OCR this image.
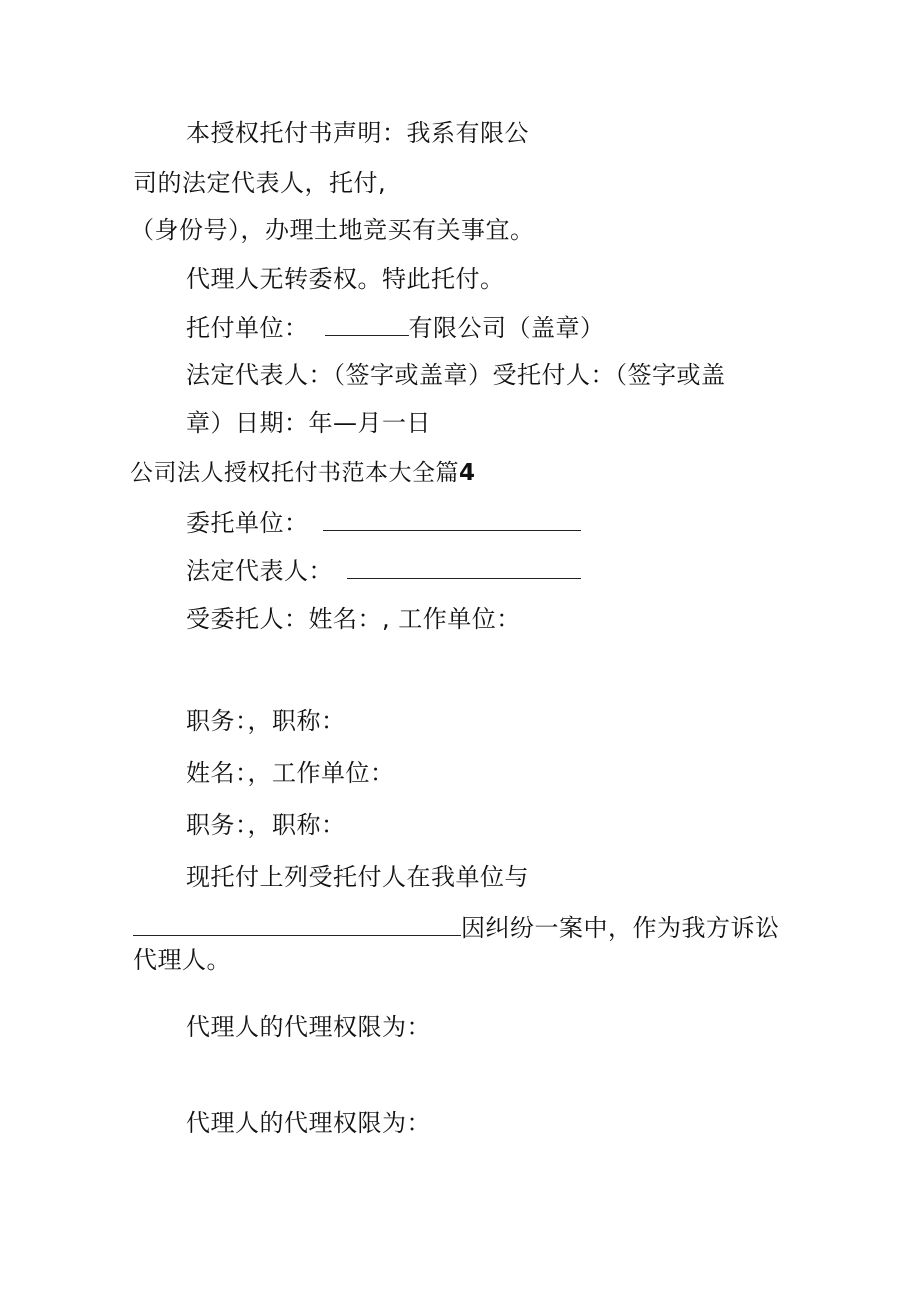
本授权托付书声明：我系有限公
司的法定代表人，托付,
（身份号），办理土地竞买有关事宜。
代理人无转委权。特此托付。
托付单位：	有限公司（盖章）
法定代表人：（签字或盖章）受托付人：（签字或盖
章）日期：年—月一日
公司法人授权托付书范本大全篇4
委托单位：
法定代表人：
受委托人：姓名：, 工作单位：
职务：，职称：
姓名：，工作单位：
职务：，职称：
现托付上列受托付人在我单位与
因纠纷一案中，作为我方诉讼
代理人。
代理人的代理权限为：
代理人的代理权限为：
